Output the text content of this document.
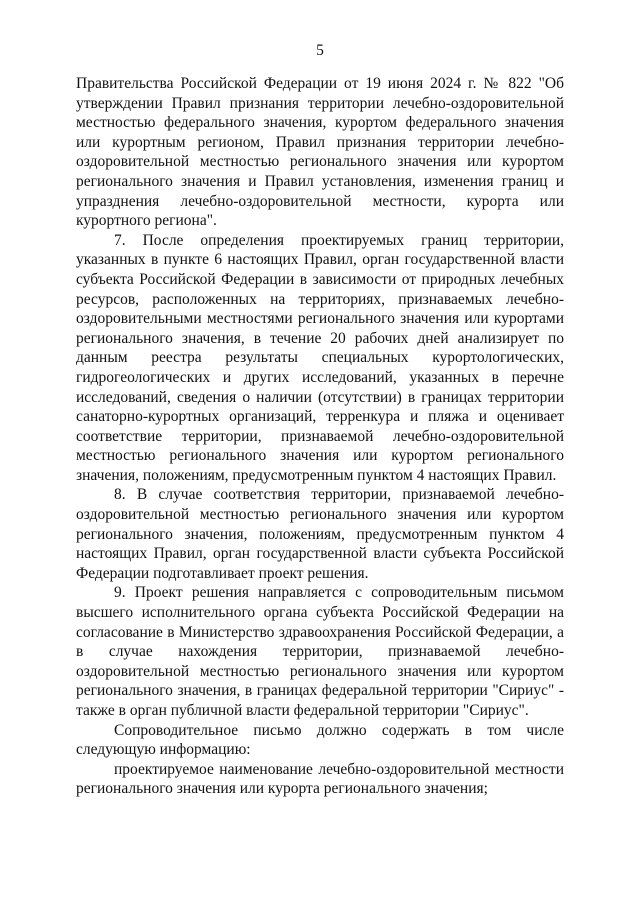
5

Правительства Российской Федерации от 19 июня 2024 г. № 822 "Об утверждении Правил признания территории лечебно-оздоровительной местностью федерального значения, курортом федерального значения или курортным регионом, Правил признания территории лечебно-оздоровительной местностью регионального значения или курортом регионального значения и Правил установления, изменения границ и упразднения лечебно-оздоровительной местности, курорта или курортного региона".

7. После определения проектируемых границ территории, указанных в пункте 6 настоящих Правил, орган государственной власти субъекта Российской Федерации в зависимости от природных лечебных ресурсов, расположенных на территориях, признаваемых лечебно-оздоровительными местностями регионального значения или курортами регионального значения, в течение 20 рабочих дней анализирует по данным реестра результаты специальных курортологических, гидрогеологических и других исследований, указанных в перечне исследований, сведения о наличии (отсутствии) в границах территории санаторно-курортных организаций, терренкура и пляжа и оценивает соответствие территории, признаваемой лечебно-оздоровительной местностью регионального значения или курортом регионального значения, положениям, предусмотренным пунктом 4 настоящих Правил.

8. В случае соответствия территории, признаваемой лечебно-оздоровительной местностью регионального значения или курортом регионального значения, положениям, предусмотренным пунктом 4 настоящих Правил, орган государственной власти субъекта Российской Федерации подготавливает проект решения.

9. Проект решения направляется с сопроводительным письмом высшего исполнительного органа субъекта Российской Федерации на согласование в Министерство здравоохранения Российской Федерации, а в случае нахождения территории, признаваемой лечебно-оздоровительной местностью регионального значения или курортом регионального значения, в границах федеральной территории "Сириус" - также в орган публичной власти федеральной территории "Сириус".

Сопроводительное письмо должно содержать в том числе следующую информацию:

проектируемое наименование лечебно-оздоровительной местности регионального значения или курорта регионального значения;
